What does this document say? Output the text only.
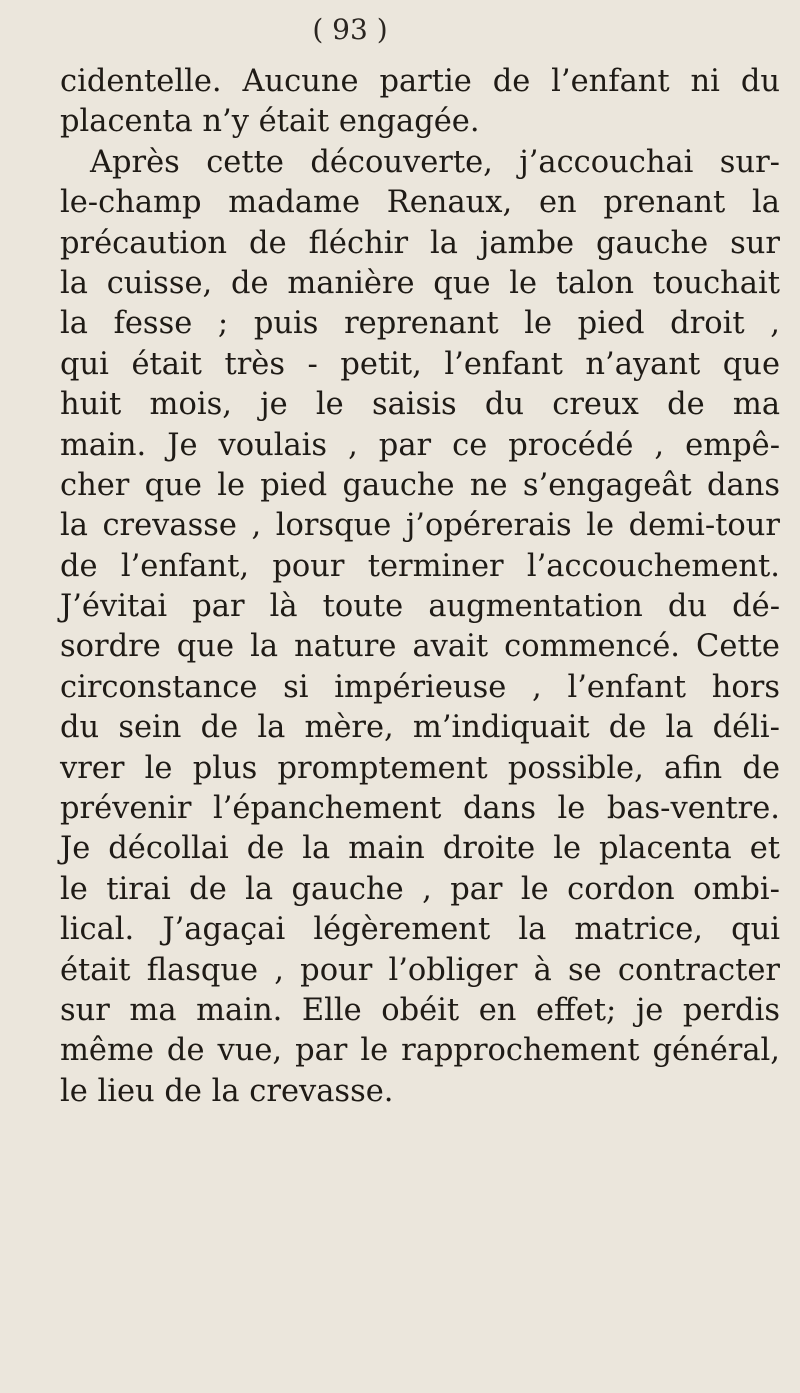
( 93 )
cidentelle. Aucune partie de l’enfant ni du
placenta n’y était engagée.
Après cette découverte, j’accouchai sur-
le-champ madame Renaux, en prenant la
précaution de fléchir la jambe gauche sur
la cuisse, de manière que le talon touchait
la fesse ; puis reprenant le pied droit ,
qui était très - petit, l’enfant n’ayant que
huit mois, je le saisis du creux de ma
main. Je voulais , par ce procédé , empê-
cher que le pied gauche ne s’engageât dans
la crevasse , lorsque j’opérerais le demi-tour
de l’enfant, pour terminer l’accouchement.
J’évitai par là toute augmentation du dé-
sordre que la nature avait commencé. Cette
circonstance si impérieuse , l’enfant hors
du sein de la mère, m’indiquait de la déli-
vrer le plus promptement possible, afin de
prévenir l’épanchement dans le bas-ventre.
Je décollai de la main droite le placenta et
le tirai de la gauche , par le cordon ombi-
lical. J’agaçai légèrement la matrice, qui
était flasque , pour l’obliger à se contracter
sur ma main. Elle obéit en effet; je perdis
même de vue, par le rapprochement général,
le lieu de la crevasse.
